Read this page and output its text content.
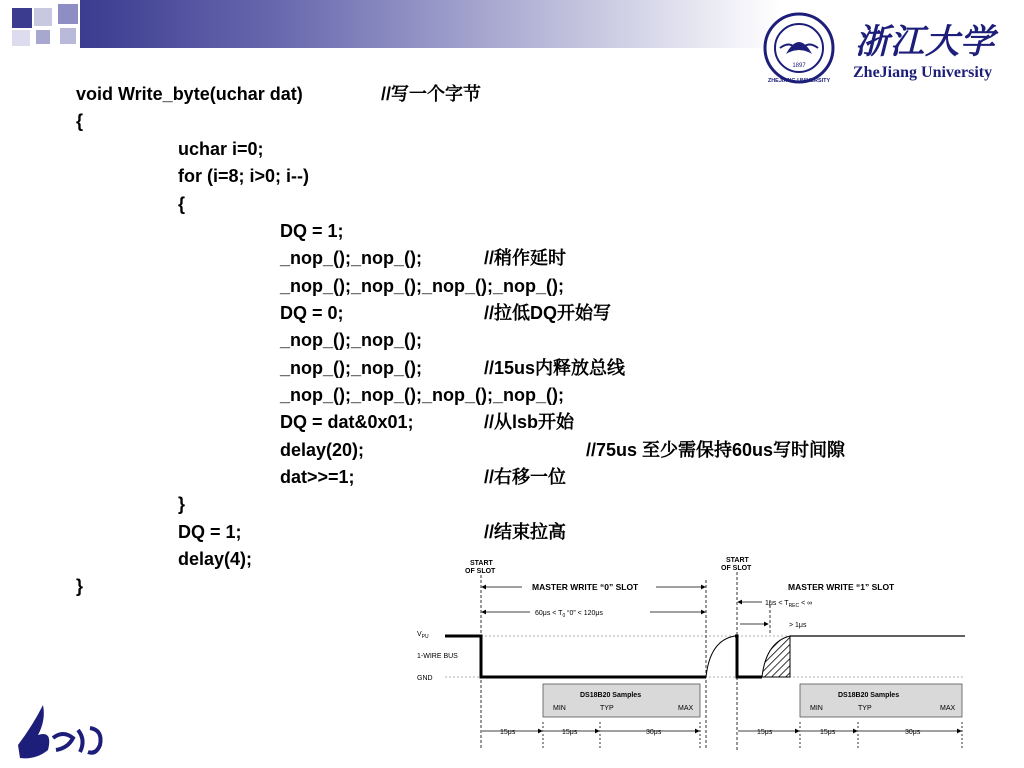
1897
ZHEJIANG UNIVERSITY
浙江大学
ZheJiang University
void Write_byte(uchar dat)	//写一个字节
{
uchar i=0;
for (i=8; i>0; i--)
{
DQ = 1;
_nop_();_nop_();	//稍作延时
_nop_();_nop_();_nop_();_nop_();
DQ = 0;	//拉低DQ开始写
_nop_();_nop_();
_nop_();_nop_();	//15us内释放总线
_nop_();_nop_();_nop_();_nop_();
DQ = dat&0x01;	//从lsb开始
delay(20);	//75us 至少需保持60us写时间隙
dat>>=1;	//右移一位
}
DQ = 1;	//结束拉高
delay(4);
}
START
OF SLOT
START
OF SLOT
MASTER WRITE “0” SLOT	MASTER WRITE “1” SLOT
$60\mu s < T_0$ “0” < 120μs
$1\mu s < T_{REC}$ < ∞
> 1μs
$V_{PU}$
1-WIRE BUS
GND
DS18B20 Samples
MIN	TYP	MAX
DS18B20 Samples
MIN	TYP	MAX
15μs	15μs	30μs	15μs	15μs	30μs
